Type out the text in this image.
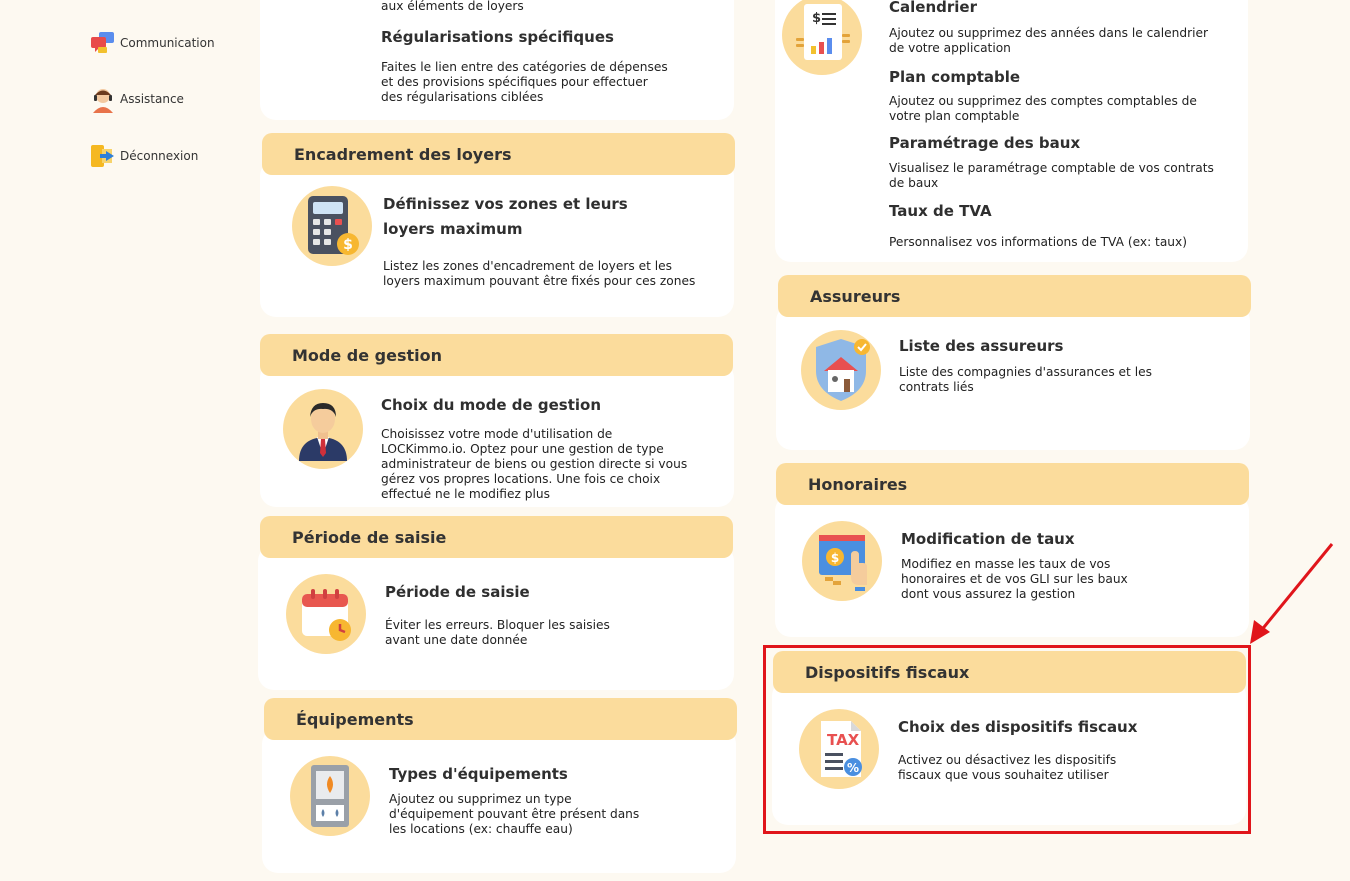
Communication
Assistance
Déconnexion
aux éléments de loyers
Régularisations spécifiques
Faites le lien entre des catégories de dépenses et des provisions spécifiques pour effectuer des régularisations ciblées
Encadrement des loyers
$
Définissez vos zones et leurs loyers maximum
Listez les zones d'encadrement de loyers et les loyers maximum pouvant être fixés pour ces zones
Mode de gestion
Choix du mode de gestion
Choisissez votre mode d'utilisation de LOCKimmo.io. Optez pour une gestion de type administrateur de biens ou gestion directe si vous gérez vos propres locations. Une fois ce choix effectué ne le modifiez plus
Période de saisie
Période de saisie
Éviter les erreurs. Bloquer les saisies avant une date donnée
Équipements
Types d'équipements
Ajoutez ou supprimez un type d'équipement pouvant être présent dans les locations (ex: chauffe eau)
$
Calendrier
Ajoutez ou supprimez des années dans le calendrier de votre application
Plan comptable
Ajoutez ou supprimez des comptes comptables de votre plan comptable
Paramétrage des baux
Visualisez le paramétrage comptable de vos contrats de baux
Taux de TVA
Personnalisez vos informations de TVA (ex: taux)
Assureurs
Liste des assureurs
Liste des compagnies d'assurances et les contrats liés
Honoraires
$
Modification de taux
Modifiez en masse les taux de vos honoraires et de vos GLI sur les baux dont vous assurez la gestion
Dispositifs fiscaux
TAX
%
Choix des dispositifs fiscaux
Activez ou désactivez les dispositifs fiscaux que vous souhaitez utiliser
